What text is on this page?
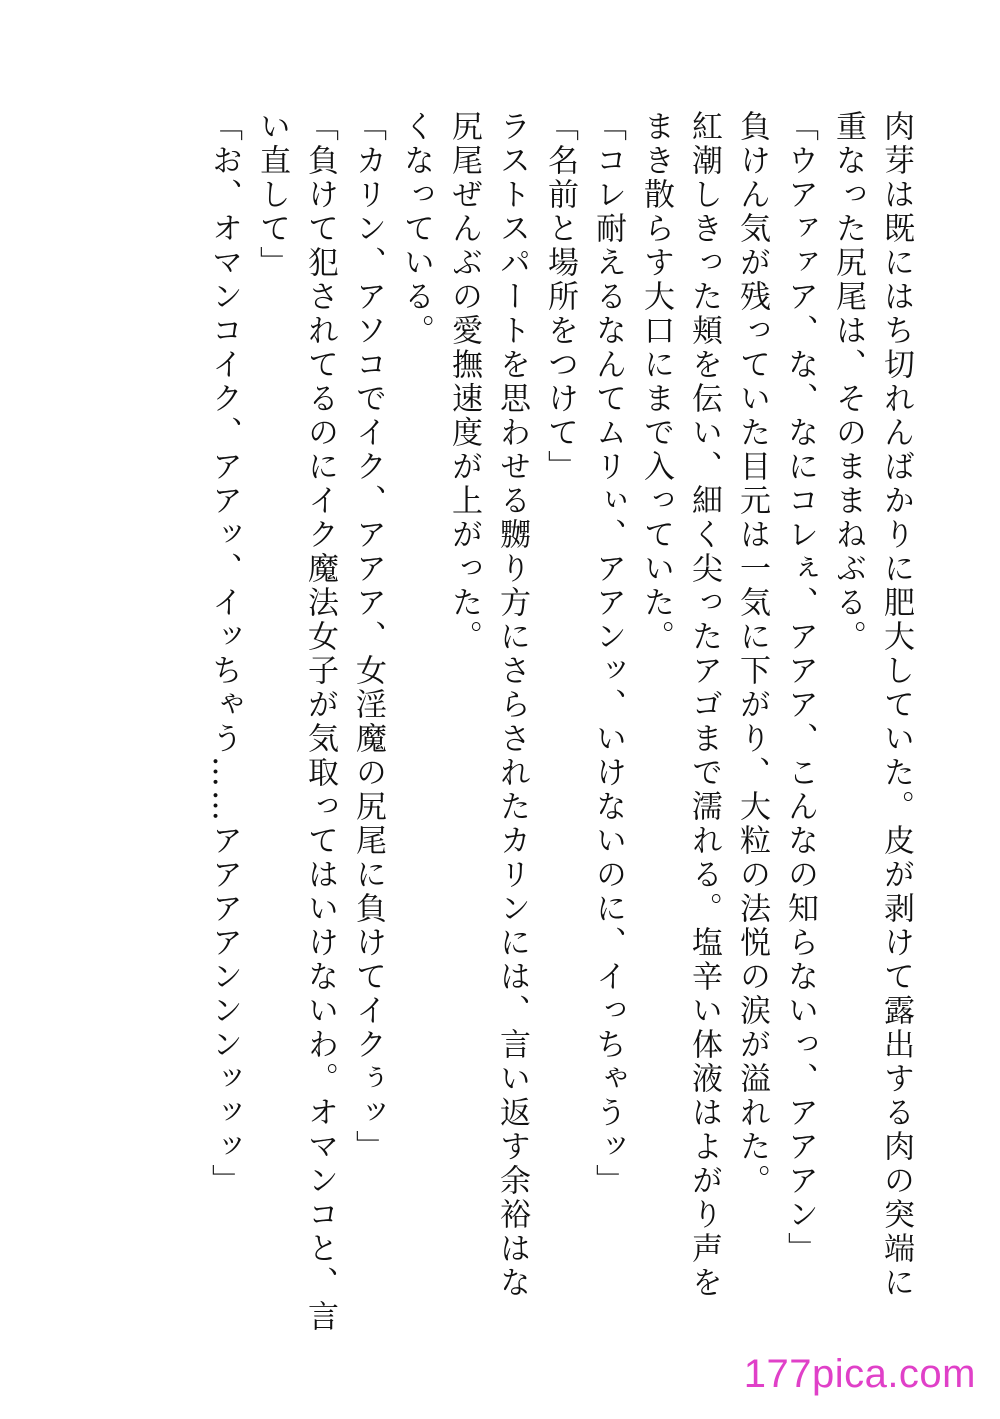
肉芽は既にはち切れんばかりに肥大していた。皮が剥けて露出する肉の突端に
重なった尻尾は、そのままねぶる。
「ウアァァア、な、なにコレぇ、アアア、こんなの知らないっ、アアアン」
負けん気が残っていた目元は一気に下がり、大粒の法悦の涙が溢れた。
紅潮しきった頬を伝い、細く尖ったアゴまで濡れる。塩辛い体液はよがり声を
まき散らす大口にまで入っていた。
「コレ耐えるなんてムリぃ、アアンッ、いけないのに、イっちゃうッ」
「名前と場所をつけて」
ラストスパートを思わせる嬲り方にさらされたカリンには、言い返す余裕はな
尻尾ぜんぶの愛撫速度が上がった。
くなっている。
「カリン、アソコでイク、アアア、女淫魔の尻尾に負けてイクぅッ」
「負けて犯されてるのにイク魔法女子が気取ってはいけないわ。オマンコと、言
い直して」
「お、オマンコイク、アアッ、イッちゃう……アアアアンンンッッッ」
177pica.com
